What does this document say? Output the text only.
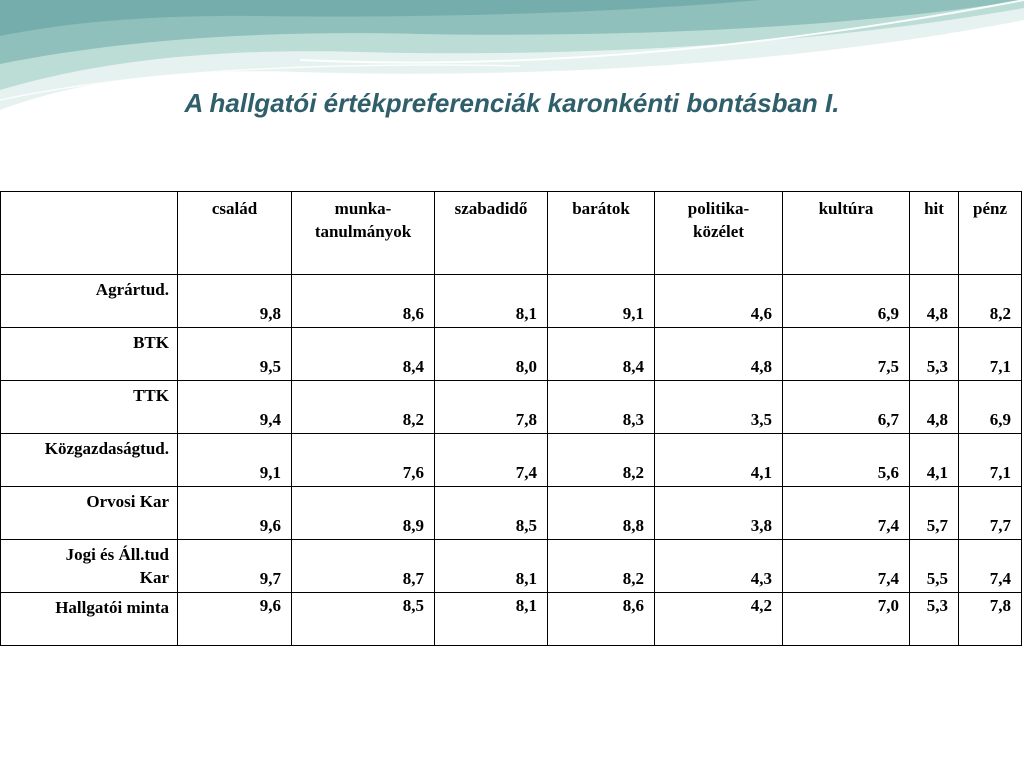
A hallgatói értékpreferenciák karonkénti bontásban I.
	család	munka-
tanulmányok	szabadidő	barátok	politika-
közélet	kultúra	hit	pénz
Agrártud.	9,8	8,6	8,1	9,1	4,6	6,9	4,8	8,2
BTK	9,5	8,4	8,0	8,4	4,8	7,5	5,3	7,1
TTK	9,4	8,2	7,8	8,3	3,5	6,7	4,8	6,9
Közgazdaságtud.	9,1	7,6	7,4	8,2	4,1	5,6	4,1	7,1
Orvosi Kar	9,6	8,9	8,5	8,8	3,8	7,4	5,7	7,7
Jogi és Áll.tud
Kar	9,7	8,7	8,1	8,2	4,3	7,4	5,5	7,4
Hallgatói minta	9,6	8,5	8,1	8,6	4,2	7,0	5,3	7,8
